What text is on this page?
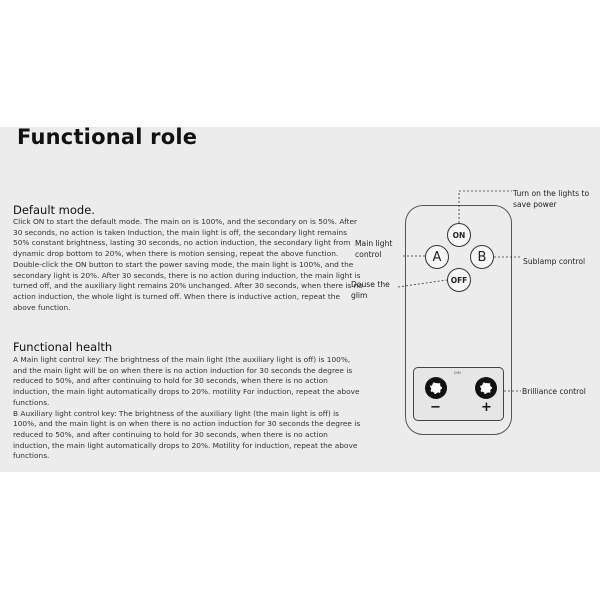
Functional role
Default mode.

Click ON to start the default mode. The main on is 100%, and the secondary on is 50%. After 30 seconds, no action is taken Induction, the main light is off, the secondary light remains 50% constant brightness, lasting 30 seconds, no action induction, the secondary light from dynamic drop bottom to 20%, when there is motion sensing, repeat the above function.

Double-click the ON button to start the power saving mode, the main light is 100%, and the secondary light is 20%. After 30 seconds, there is no action during induction, the main light is turned off, and the auxiliary light remains 20% unchanged. After 30 seconds, when there is no action induction, the whole light is turned off. When there is inductive action, repeat the above function.

Functional health

A Main light control key: The brightness of the main light (the auxiliary light is off) is 100%, and the main light will be on when there is no action induction for 30 seconds the degree is reduced to 50%, and after continuing to hold for 30 seconds, when there is no action induction, the main light automatically drops to 20%. motility For induction, repeat the above functions.

B Auxiliary light control key: The brightness of the auxiliary light (the main light is off) is 100%, and the main light is on when there is no action induction for 30 seconds the degree is reduced to 50%, and after continuing to hold for 30 seconds, when there is no action induction, the main light automatically drops to 20%. Motility for induction, repeat the above functions.

ON
A	B
OFF
DIM
−	+
Turn on the lights to save power
Main light control
Sublamp control
Douse the glim
Brilliance control
